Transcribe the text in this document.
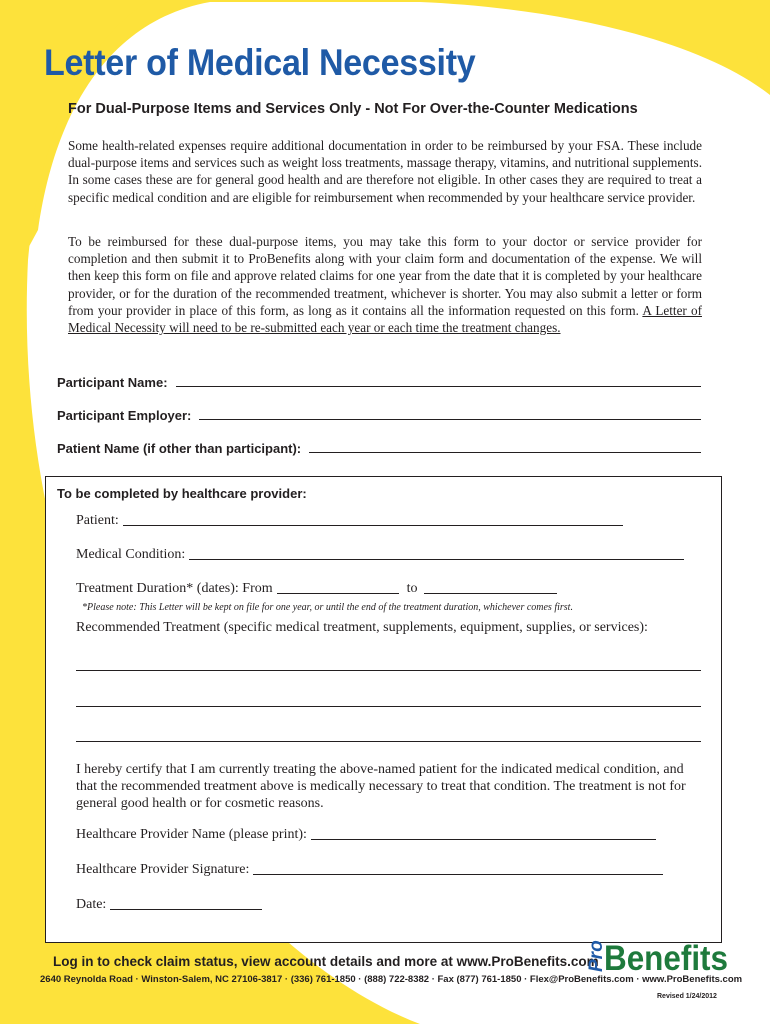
Letter of Medical Necessity
For Dual-Purpose Items and Services Only - Not For Over-the-Counter Medications
Some health-related expenses require additional documentation in order to be reimbursed by your FSA. These include dual-purpose items and services such as weight loss treatments, massage therapy, vitamins, and nutritional supplements. In some cases these are for general good health and are therefore not eligible. In other cases they are required to treat a specific medical condition and are eligible for reimbursement when recommended by your healthcare service provider.
To be reimbursed for these dual-purpose items, you may take this form to your doctor or service provider for completion and then submit it to ProBenefits along with your claim form and documentation of the expense. We will then keep this form on file and approve related claims for one year from the date that it is completed by your healthcare provider, or for the duration of the recommended treatment, whichever is shorter. You may also submit a letter or form from your provider in place of this form, as long as it contains all the information requested on this form. A Letter of Medical Necessity will need to be re-submitted each year or each time the treatment changes.
Participant Name:
Participant Employer:
Patient Name (if other than participant):
To be completed by healthcare provider:
Patient:
Medical Condition:
Treatment Duration* (dates): From	to
*Please note: This Letter will be kept on file for one year, or until the end of the treatment duration, whichever comes first.
Recommended Treatment (specific medical treatment, supplements, equipment, supplies, or services):
I hereby certify that I am currently treating the above-named patient for the indicated medical condition, and that the recommended treatment above is medically necessary to treat that condition. The treatment is not for general good health or for cosmetic reasons.
Healthcare Provider Name (please print):
Healthcare Provider Signature:
Date:
Log in to check claim status, view account details and more at www.ProBenefits.com
Pro
Benefits
2640 Reynolda Road · Winston-Salem, NC 27106-3817 · (336) 761-1850 · (888) 722-8382 · Fax (877) 761-1850 · Flex@ProBenefits.com · www.ProBenefits.com
Revised 1/24/2012
